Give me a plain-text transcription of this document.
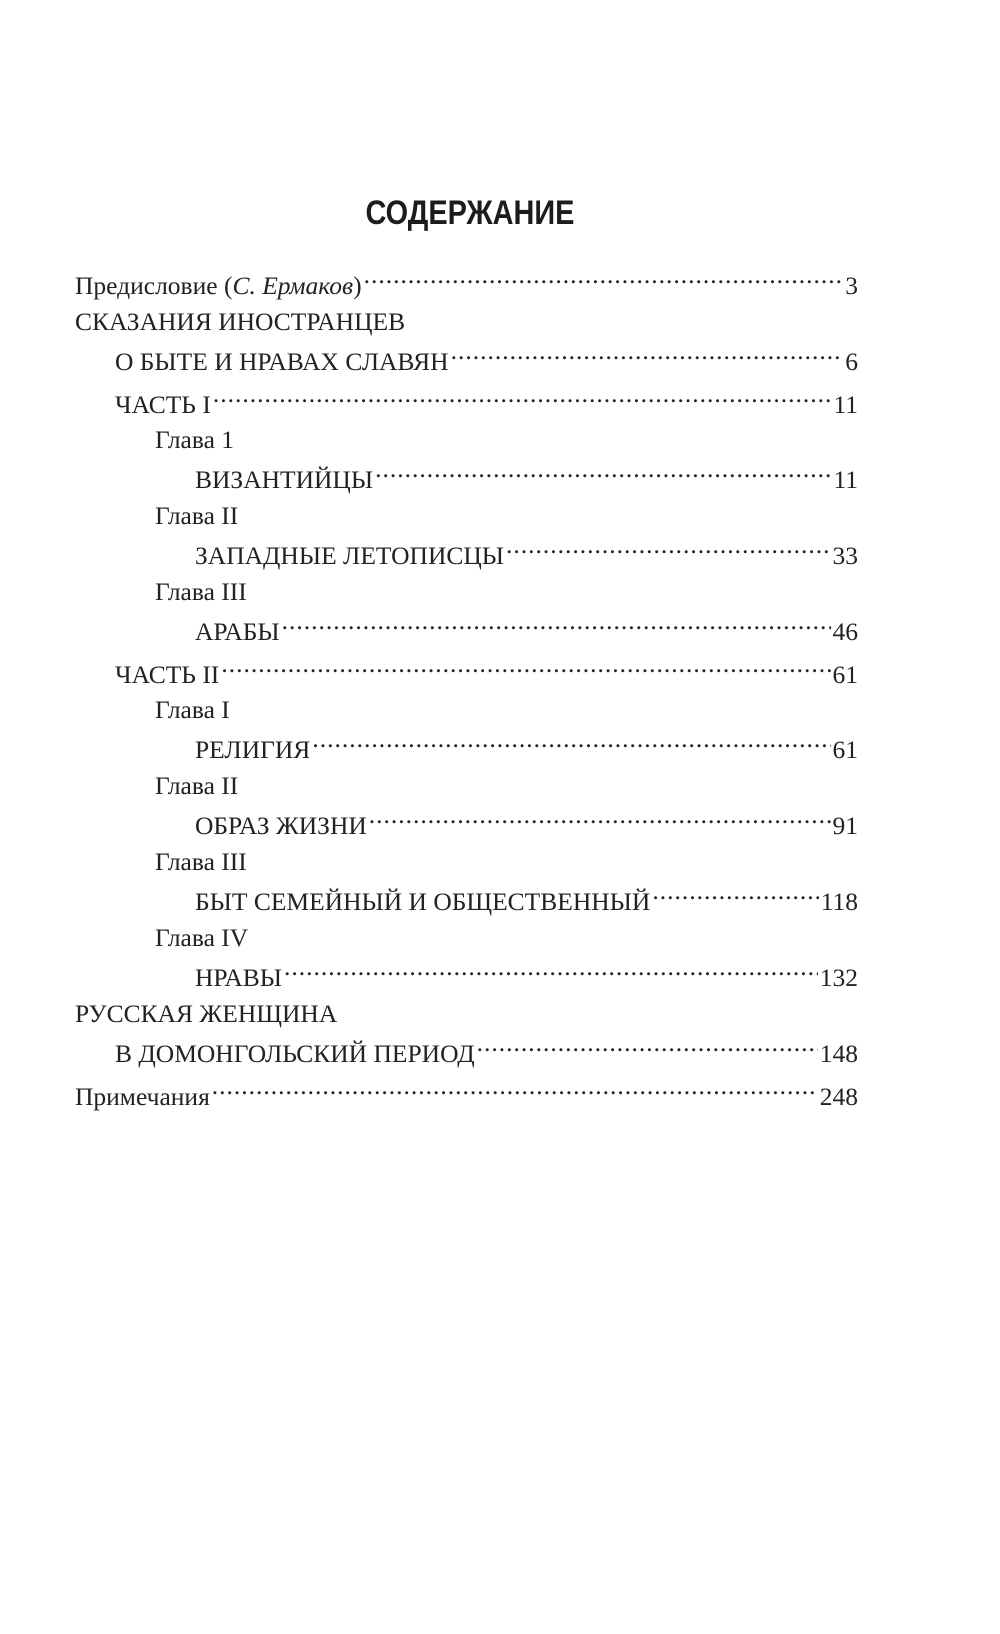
СОДЕРЖАНИЕ
Предисловие (С. Ермаков) .....	3
СКАЗАНИЯ ИНОСТРАНЦЕВ
О БЫТЕ И НРАВАХ СЛАВЯН .....	6
ЧАСТЬ I .....	11
Глава 1
ВИЗАНТИЙЦЫ .....	11
Глава II
ЗАПАДНЫЕ ЛЕТОПИСЦЫ .....	33
Глава III
АРАБЫ .....	46
ЧАСТЬ II .....	61
Глава I
РЕЛИГИЯ .....	61
Глава II
ОБРАЗ ЖИЗНИ .....	91
Глава III
БЫТ СЕМЕЙНЫЙ И ОБЩЕСТВЕННЫЙ .....	118
Глава IV
НРАВЫ .....	132
РУССКАЯ ЖЕНЩИНА
В ДОМОНГОЛЬСКИЙ ПЕРИОД .....	148
Примечания .....	248
